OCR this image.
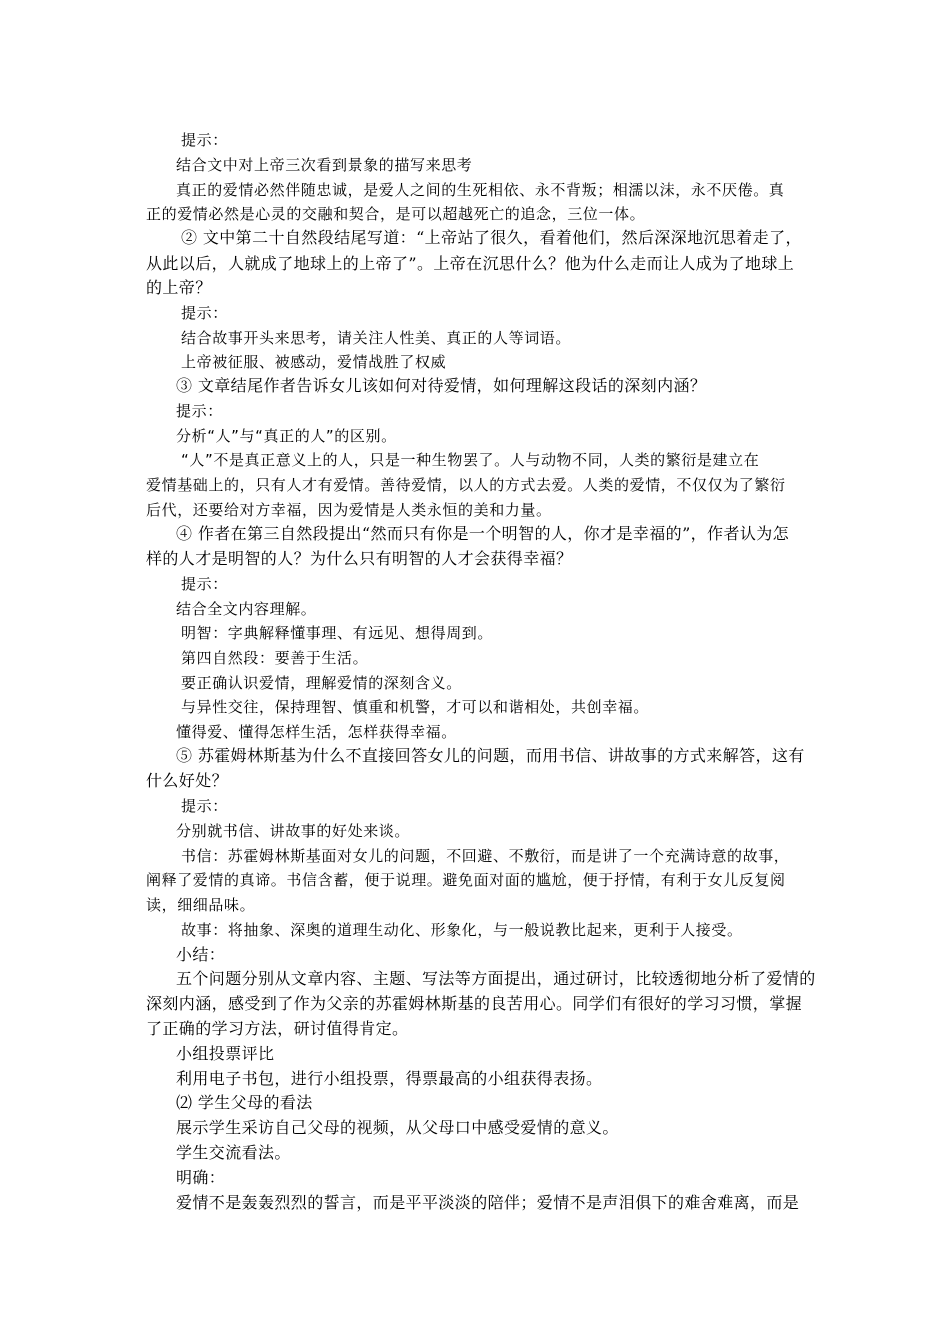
提示：
结合文中对上帝三次看到景象的描写来思考
真正的爱情必然伴随忠诚，是爱人之间的生死相依、永不背叛；相濡以沫，永不厌倦。真
正的爱情必然是心灵的交融和契合，是可以超越死亡的追念，三位一体。
② 文中第二十自然段结尾写道：“上帝站了很久，看着他们，然后深深地沉思着走了，
从此以后，人就成了地球上的上帝了”。上帝在沉思什么？他为什么走而让人成为了地球上
的上帝？
提示：
结合故事开头来思考，请关注人性美、真正的人等词语。
上帝被征服、被感动，爱情战胜了权威
③ 文章结尾作者告诉女儿该如何对待爱情，如何理解这段话的深刻内涵？
提示：
分析“人”与“真正的人”的区别。
“人”不是真正意义上的人，只是一种生物罢了。人与动物不同，人类的繁衍是建立在
爱情基础上的，只有人才有爱情。善待爱情，以人的方式去爱。人类的爱情，不仅仅为了繁衍
后代，还要给对方幸福，因为爱情是人类永恒的美和力量。
④ 作者在第三自然段提出“然而只有你是一个明智的人，你才是幸福的”，作者认为怎
样的人才是明智的人？为什么只有明智的人才会获得幸福？
提示：
结合全文内容理解。
明智：字典解释懂事理、有远见、想得周到。
第四自然段：要善于生活。
要正确认识爱情，理解爱情的深刻含义。
与异性交往，保持理智、慎重和机警，才可以和谐相处，共创幸福。
懂得爱、懂得怎样生活，怎样获得幸福。
⑤ 苏霍姆林斯基为什么不直接回答女儿的问题，而用书信、讲故事的方式来解答，这有
什么好处？
提示：
分别就书信、讲故事的好处来谈。
书信：苏霍姆林斯基面对女儿的问题，不回避、不敷衍，而是讲了一个充满诗意的故事，
阐释了爱情的真谛。书信含蓄，便于说理。避免面对面的尴尬，便于抒情，有利于女儿反复阅
读，细细品味。
故事：将抽象、深奥的道理生动化、形象化，与一般说教比起来，更利于人接受。
小结：
五个问题分别从文章内容、主题、写法等方面提出，通过研讨，比较透彻地分析了爱情的
深刻内涵，感受到了作为父亲的苏霍姆林斯基的良苦用心。同学们有很好的学习习惯，掌握
了正确的学习方法，研讨值得肯定。
小组投票评比
利用电子书包，进行小组投票，得票最高的小组获得表扬。
⑵ 学生父母的看法
展示学生采访自己父母的视频，从父母口中感受爱情的意义。
学生交流看法。
明确：
爱情不是轰轰烈烈的誓言，而是平平淡淡的陪伴；爱情不是声泪俱下的难舍难离，而是
